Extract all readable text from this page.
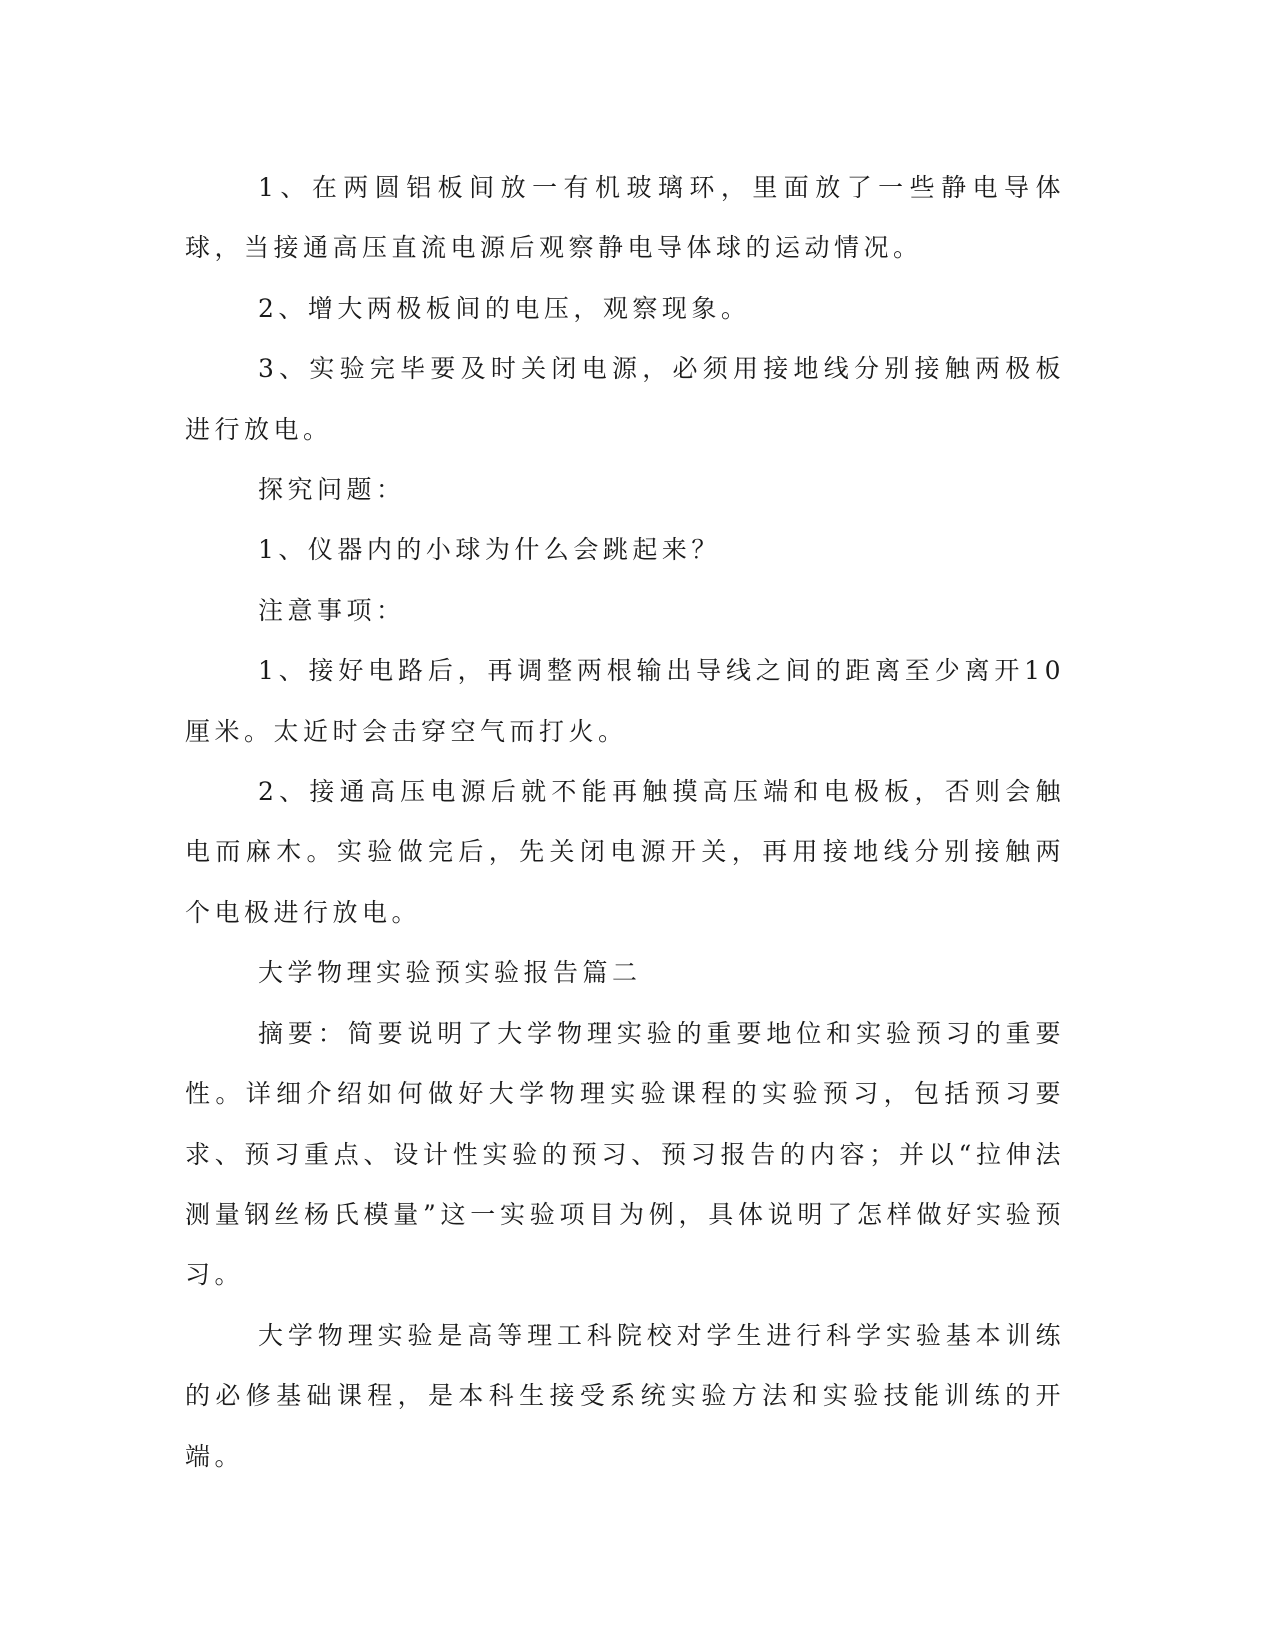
1、在两圆铝板间放一有机玻璃环，里面放了一些静电导体球，当接通高压直流电源后观察静电导体球的运动情况。

2、增大两极板间的电压，观察现象。

3、实验完毕要及时关闭电源，必须用接地线分别接触两极板进行放电。

探究问题：

1、仪器内的小球为什么会跳起来？

注意事项：

1、接好电路后，再调整两根输出导线之间的距离至少离开10厘米。太近时会击穿空气而打火。

2、接通高压电源后就不能再触摸高压端和电极板，否则会触电而麻木。实验做完后，先关闭电源开关，再用接地线分别接触两个电极进行放电。

大学物理实验预实验报告篇二

摘要：简要说明了大学物理实验的重要地位和实验预习的重要性。详细介绍如何做好大学物理实验课程的实验预习，包括预习要求、预习重点、设计性实验的预习、预习报告的内容；并以“拉伸法测量钢丝杨氏模量”这一实验项目为例，具体说明了怎样做好实验预习。

大学物理实验是高等理工科院校对学生进行科学实验基本训练的必修基础课程，是本科生接受系统实验方法和实验技能训练的开端。
